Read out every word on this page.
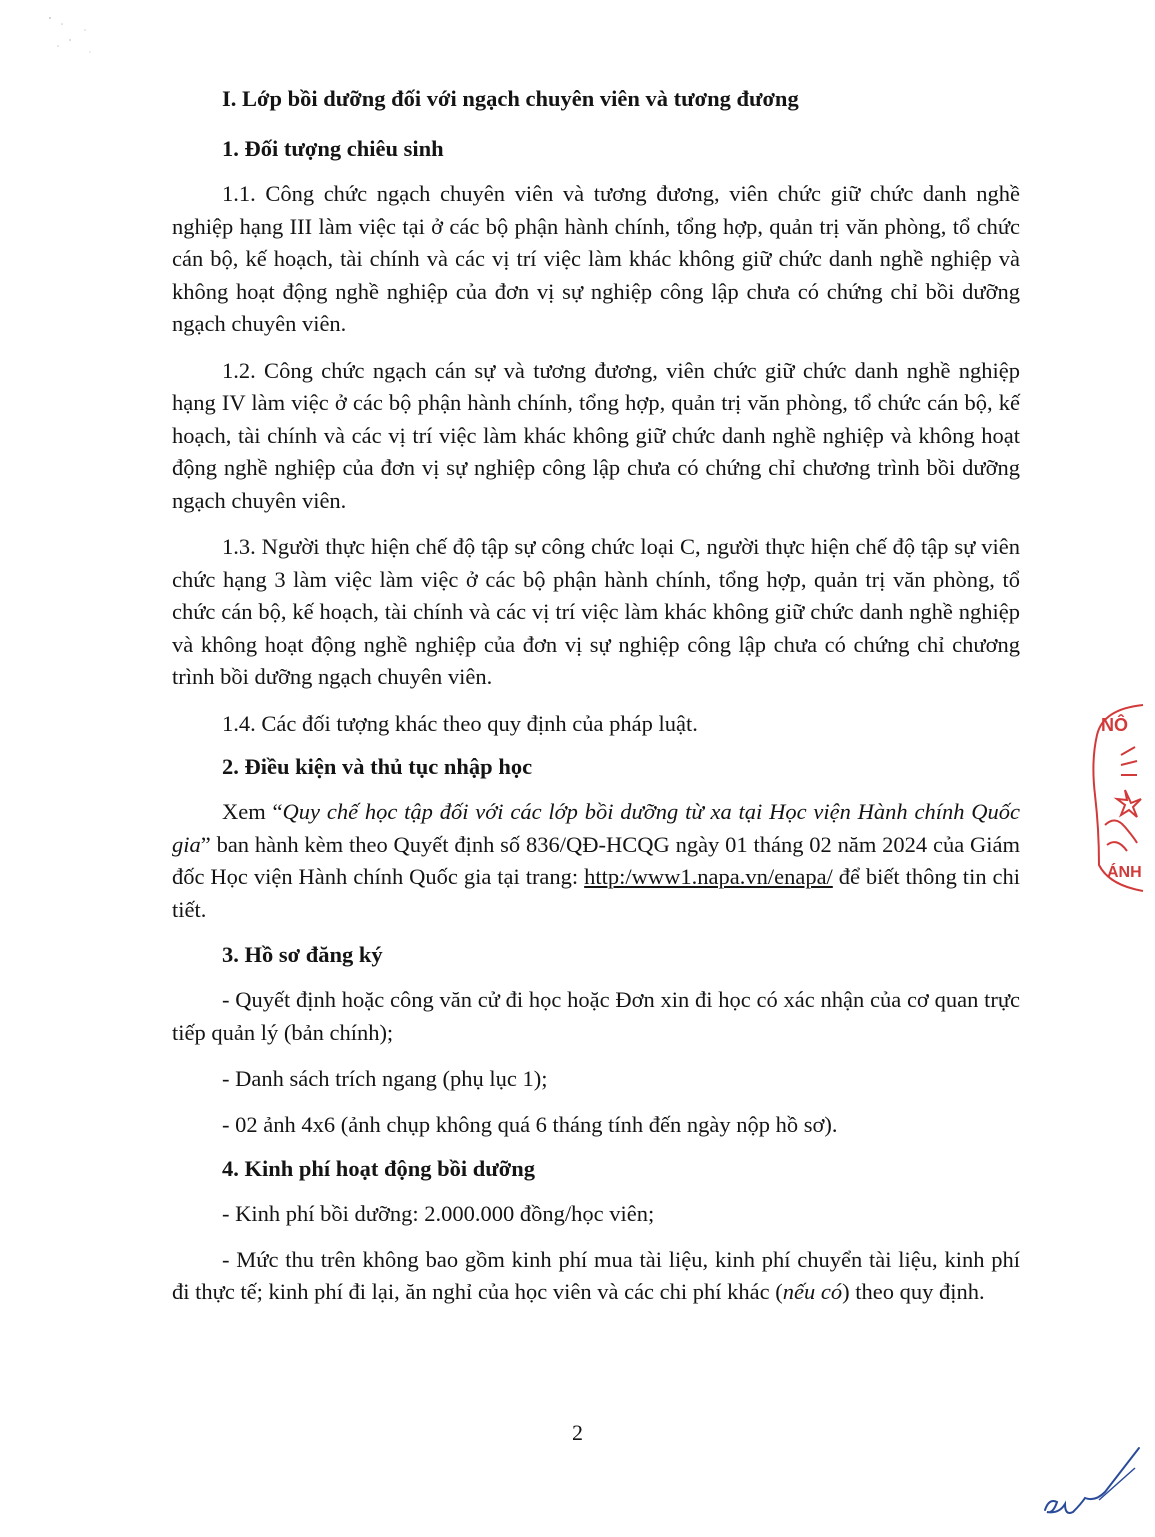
I. Lớp bồi dưỡng đối với ngạch chuyên viên và tương đương

1. Đối tượng chiêu sinh

1.1. Công chức ngạch chuyên viên và tương đương, viên chức giữ chức danh nghề nghiệp hạng III làm việc tại ở các bộ phận hành chính, tổng hợp, quản trị văn phòng, tổ chức cán bộ, kế hoạch, tài chính và các vị trí việc làm khác không giữ chức danh nghề nghiệp và không hoạt động nghề nghiệp của đơn vị sự nghiệp công lập chưa có chứng chỉ bồi dưỡng ngạch chuyên viên.

1.2. Công chức ngạch cán sự và tương đương, viên chức giữ chức danh nghề nghiệp hạng IV làm việc ở các bộ phận hành chính, tổng hợp, quản trị văn phòng, tổ chức cán bộ, kế hoạch, tài chính và các vị trí việc làm khác không giữ chức danh nghề nghiệp và không hoạt động nghề nghiệp của đơn vị sự nghiệp công lập chưa có chứng chỉ chương trình bồi dưỡng ngạch chuyên viên.

1.3. Người thực hiện chế độ tập sự công chức loại C, người thực hiện chế độ tập sự viên chức hạng 3 làm việc làm việc ở các bộ phận hành chính, tổng hợp, quản trị văn phòng, tổ chức cán bộ, kế hoạch, tài chính và các vị trí việc làm khác không giữ chức danh nghề nghiệp và không hoạt động nghề nghiệp của đơn vị sự nghiệp công lập chưa có chứng chỉ chương trình bồi dưỡng ngạch chuyên viên.

1.4. Các đối tượng khác theo quy định của pháp luật.

2. Điều kiện và thủ tục nhập học

Xem “Quy chế học tập đối với các lớp bồi dưỡng từ xa tại Học viện Hành chính Quốc gia” ban hành kèm theo Quyết định số 836/QĐ-HCQG ngày 01 tháng 02 năm 2024 của Giám đốc Học viện Hành chính Quốc gia tại trang: http:/www1.napa.vn/enapa/ để biết thông tin chi tiết.

3. Hồ sơ đăng ký

- Quyết định hoặc công văn cử đi học hoặc Đơn xin đi học có xác nhận của cơ quan trực tiếp quản lý (bản chính);

- Danh sách trích ngang (phụ lục 1);

- 02 ảnh 4x6 (ảnh chụp không quá 6 tháng tính đến ngày nộp hồ sơ).

4. Kinh phí hoạt động bồi dưỡng

- Kinh phí bồi dưỡng: 2.000.000 đồng/học viên;

- Mức thu trên không bao gồm kinh phí mua tài liệu, kinh phí chuyển tài liệu, kinh phí đi thực tế; kinh phí đi lại, ăn nghỉ của học viên và các chi phí khác (nếu có) theo quy định.

2
NÔ
ÁNH
